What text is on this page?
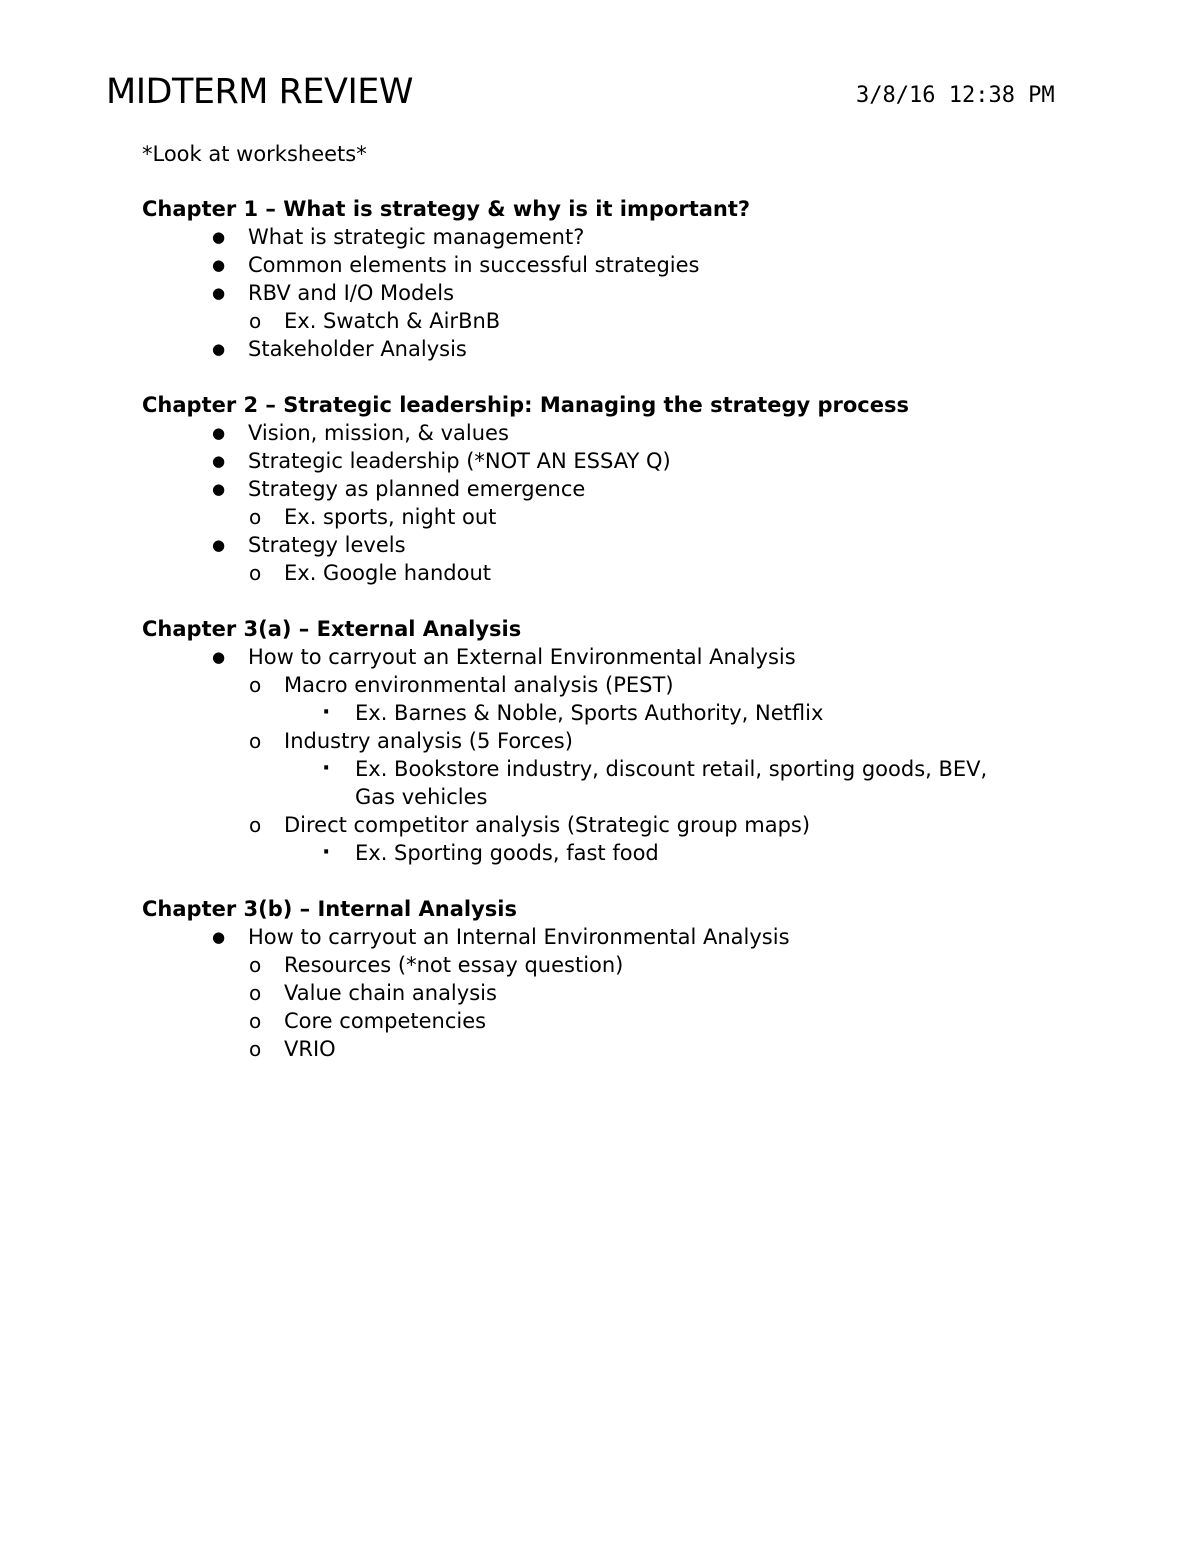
MIDTERM REVIEW	3/8/16 12:38 PM

*Look at worksheets*

Chapter 1 – What is strategy & why is it important?

● What is strategic management?
● Common elements in successful strategies
● RBV and I/O Models
o Ex. Swatch & AirBnB
● Stakeholder Analysis

Chapter 2 – Strategic leadership: Managing the strategy process

● Vision, mission, & values
● Strategic leadership (*NOT AN ESSAY Q)
● Strategy as planned emergence
o Ex. sports, night out
● Strategy levels
o Ex. Google handout

Chapter 3(a) – External Analysis

● How to carryout an External Environmental Analysis
o Macro environmental analysis (PEST)
· Ex. Barnes & Noble, Sports Authority, Netflix
o Industry analysis (5 Forces)
· Ex. Bookstore industry, discount retail, sporting goods, BEV, Gas vehicles
o Direct competitor analysis (Strategic group maps)
· Ex. Sporting goods, fast food

Chapter 3(b) – Internal Analysis

● How to carryout an Internal Environmental Analysis
o Resources (*not essay question)
o Value chain analysis
o Core competencies
o VRIO
